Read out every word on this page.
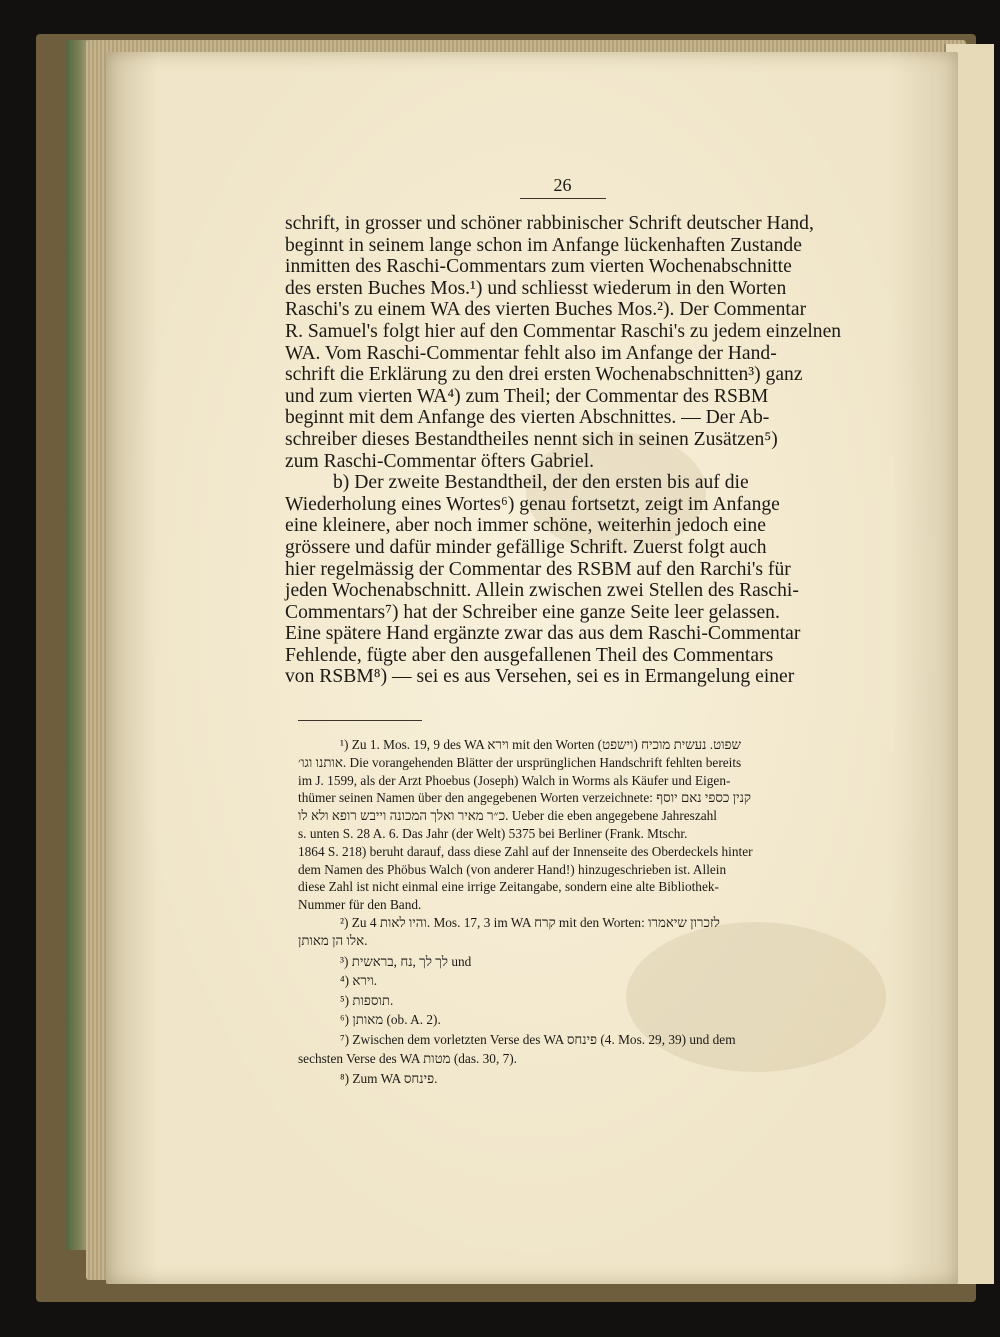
26

schrift, in grosser und schöner rabbinischer Schrift deutscher Hand,
beginnt in seinem lange schon im Anfange lückenhaften Zustande
inmitten des Raschi-Commentars zum vierten Wochenabschnitte
des ersten Buches Mos.¹) und schliesst wiederum in den Worten
Raschi's zu einem WA des vierten Buches Mos.²). Der Commentar
R. Samuel's folgt hier auf den Commentar Raschi's zu jedem einzelnen
WA. Vom Raschi-Commentar fehlt also im Anfange der Hand-
schrift die Erklärung zu den drei ersten Wochenabschnitten³) ganz
und zum vierten WA⁴) zum Theil; der Commentar des RSBM
beginnt mit dem Anfange des vierten Abschnittes. — Der Ab-
schreiber dieses Bestandtheiles nennt sich in seinen Zusätzen⁵)
zum Raschi-Commentar öfters Gabriel.
b) Der zweite Bestandtheil, der den ersten bis auf die
Wiederholung eines Wortes⁶) genau fortsetzt, zeigt im Anfange
eine kleinere, aber noch immer schöne, weiterhin jedoch eine
grössere und dafür minder gefällige Schrift. Zuerst folgt auch
hier regelmässig der Commentar des RSBM auf den Rarchi's für
jeden Wochenabschnitt. Allein zwischen zwei Stellen des Raschi-
Commentars⁷) hat der Schreiber eine ganze Seite leer gelassen.
Eine spätere Hand ergänzte zwar das aus dem Raschi-Commentar
Fehlende, fügte aber den ausgefallenen Theil des Commentars
von RSBM⁸) — sei es aus Versehen, sei es in Ermangelung einer

¹) Zu 1. Mos. 19, 9 des WA וירא mit den Worten (וישפט) שפוט. נעשית מוכיח
אותנו וגו׳. Die vorangehenden Blätter der ursprünglichen Handschrift fehlten bereits
im J. 1599, als der Arzt Phoebus (Joseph) Walch in Worms als Käufer und Eigen-
thümer seinen Namen über den angegebenen Worten verzeichnete: קנין כספי נאם יוסף
כ״ר מאיר ואלך המכונה וייבש רופא ולא לו. Ueber die eben angegebene Jahreszahl
s. unten S. 28 A. 6. Das Jahr (der Welt) 5375 bei Berliner (Frank. Mtschr.
1864 S. 218) beruht darauf, dass diese Zahl auf der Innenseite des Oberdeckels hinter
dem Namen des Phöbus Walch (von anderer Hand!) hinzugeschrieben ist. Allein
diese Zahl ist nicht einmal eine irrige Zeitangabe, sondern eine alte Bibliothek-
Nummer für den Band.
²) Zu והיו לאות 4. Mos. 17, 3 im WA קרח mit den Worten: לזכרון שיאמרו
אלו הן מאותן.
³) לך לך ,נח ,בראשית und
⁴) וירא.
⁵) תוספות.
⁶) מאותן (ob. A. 2).
⁷) Zwischen dem vorletzten Verse des WA פינחס (4. Mos. 29, 39) und dem
sechsten Verse des WA מטות (das. 30, 7).
⁸) Zum WA פינחס.
